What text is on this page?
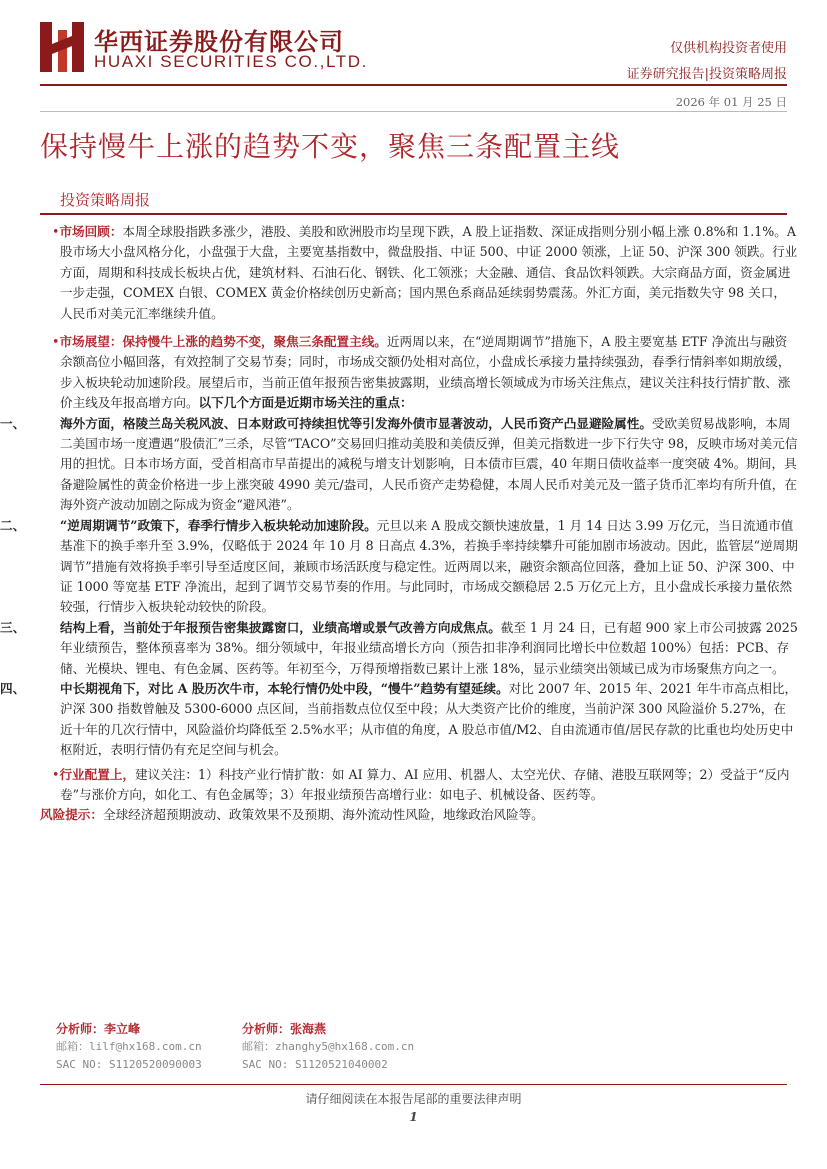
华西证券股份有限公司
HUAXI SECURITIES CO.,LTD.
仅供机构投资者使用
证券研究报告|投资策略周报
2026 年 01 月 25 日
保持慢牛上涨的趋势不变，聚焦三条配置主线
投资策略周报

•市场回顾：本周全球股指跌多涨少，港股、美股和欧洲股市均呈现下跌，A 股上证指数、深证成指则分别小幅上涨 0.8%和 1.1%。A 股市场大小盘风格分化，小盘强于大盘，主要宽基指数中，微盘股指、中证 500、中证 2000 领涨，上证 50、沪深 300 领跌。行业方面，周期和科技成长板块占优，建筑材料、石油石化、钢铁、化工领涨；大金融、通信、食品饮料领跌。大宗商品方面，资金属进一步走强，COMEX 白银、COMEX 黄金价格续创历史新高；国内黑色系商品延续弱势震荡。外汇方面，美元指数失守 98 关口，人民币对美元汇率继续升值。

•市场展望：保持慢牛上涨的趋势不变，聚焦三条配置主线。近两周以来，在“逆周期调节”措施下，A 股主要宽基 ETF 净流出与融资余额高位小幅回落，有效控制了交易节奏；同时，市场成交额仍处相对高位，小盘成长承接力量持续强劲，春季行情斜率如期放缓，步入板块轮动加速阶段。展望后市，当前正值年报预告密集披露期，业绩高增长领域成为市场关注焦点，建议关注科技行情扩散、涨价主线及年报高增方向。以下几个方面是近期市场关注的重点：

一、	海外方面，格陵兰岛关税风波、日本财政可持续担忧等引发海外债市显著波动，人民币资产凸显避险属性。受欧美贸易战影响，本周二美国市场一度遭遇“股债汇”三杀，尽管“TACO”交易回归推动美股和美债反弹，但美元指数进一步下行失守 98，反映市场对美元信用的担忧。日本市场方面，受首相高市早苗提出的减税与增支计划影响，日本债市巨震，40 年期日债收益率一度突破 4%。期间，具备避险属性的黄金价格进一步上涨突破 4990 美元/盎司，人民币资产走势稳健，本周人民币对美元及一篮子货币汇率均有所升值，在海外资产波动加剧之际成为资金“避风港”。

二、	“逆周期调节”政策下，春季行情步入板块轮动加速阶段。元旦以来 A 股成交额快速放量，1 月 14 日达 3.99 万亿元，当日流通市值基准下的换手率升至 3.9%，仅略低于 2024 年 10 月 8 日高点 4.3%，若换手率持续攀升可能加剧市场波动。因此，监管层“逆周期调节”措施有效将换手率引导至适度区间，兼顾市场活跃度与稳定性。近两周以来，融资余额高位回落，叠加上证 50、沪深 300、中证 1000 等宽基 ETF 净流出，起到了调节交易节奏的作用。与此同时，市场成交额稳居 2.5 万亿元上方，且小盘成长承接力量依然较强，行情步入板块轮动较快的阶段。

三、	结构上看，当前处于年报预告密集披露窗口，业绩高增或景气改善方向成焦点。截至 1 月 24 日，已有超 900 家上市公司披露 2025 年业绩预告，整体预喜率为 38%。细分领域中，年报业绩高增长方向（预告扣非净利润同比增长中位数超 100%）包括：PCB、存储、光模块、锂电、有色金属、医药等。年初至今，万得预增指数已累计上涨 18%，显示业绩突出领域已成为市场聚焦方向之一。

四、	中长期视角下，对比 A 股历次牛市，本轮行情仍处中段，“慢牛”趋势有望延续。对比 2007 年、2015 年、2021 年牛市高点相比，沪深 300 指数曾触及 5300-6000 点区间，当前指数点位仅至中段；从大类资产比价的维度，当前沪深 300 风险溢价 5.27%，在近十年的几次行情中，风险溢价均降低至 2.5%水平；从市值的角度，A 股总市值/M2、自由流通市值/居民存款的比重也均处历史中枢附近，表明行情仍有充足空间与机会。

•行业配置上，建议关注：1）科技产业行情扩散：如 AI 算力、AI 应用、机器人、太空光伏、存储、港股互联网等；2）受益于“反内卷”与涨价方向，如化工、有色金属等；3）年报业绩预告高增行业：如电子、机械设备、医药等。

风险提示：全球经济超预期波动、政策效果不及预期、海外流动性风险，地缘政治风险等。

分析师：李立峰
邮箱：lilf@hx168.com.cn
SAC NO: S1120520090003
分析师：张海燕
邮箱：zhanghy5@hx168.com.cn
SAC NO: S1120521040002
请仔细阅读在本报告尾部的重要法律声明
1
